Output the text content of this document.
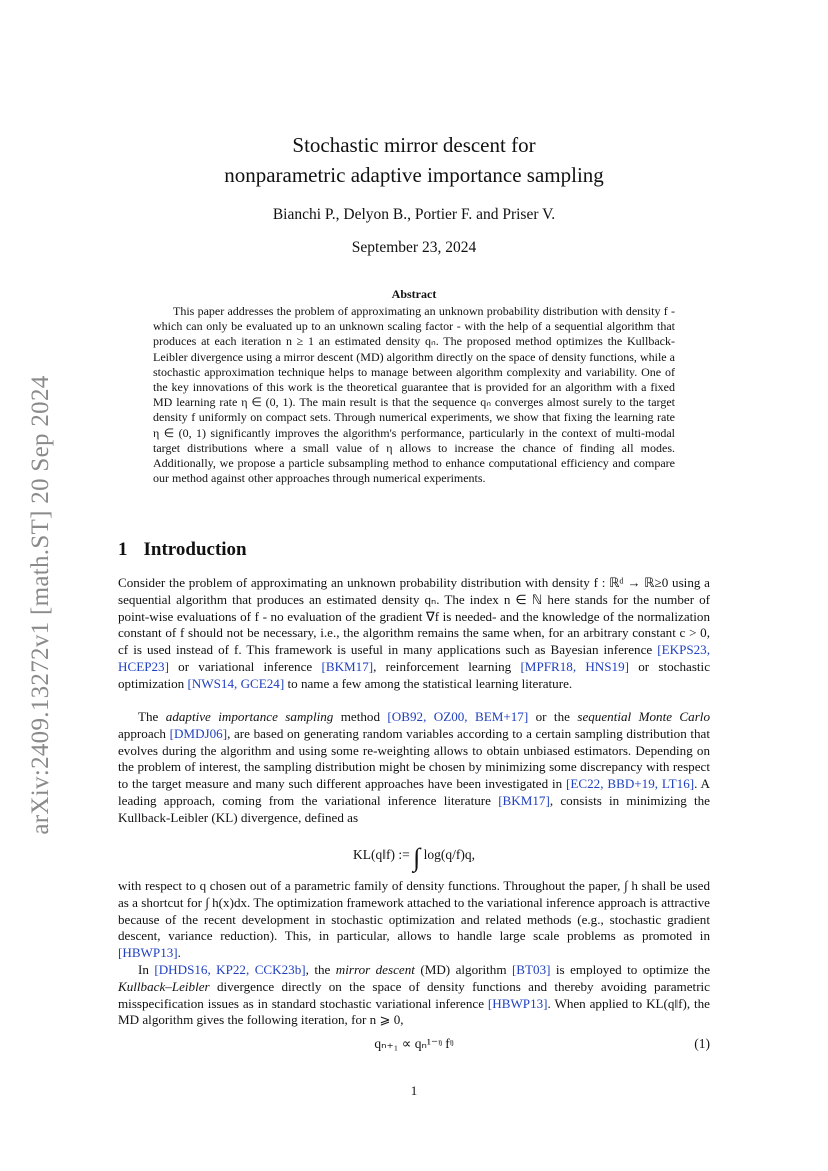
arXiv:2409.13272v1 [math.ST] 20 Sep 2024
Stochastic mirror descent for
nonparametric adaptive importance sampling
Bianchi P., Delyon B., Portier F. and Priser V.
September 23, 2024
Abstract

This paper addresses the problem of approximating an unknown probability distribution with density f - which can only be evaluated up to an unknown scaling factor - with the help of a sequential algorithm that produces at each iteration n ≥ 1 an estimated density qₙ. The proposed method optimizes the Kullback-Leibler divergence using a mirror descent (MD) algorithm directly on the space of density functions, while a stochastic approximation technique helps to manage between algorithm complexity and variability. One of the key innovations of this work is the theoretical guarantee that is provided for an algorithm with a fixed MD learning rate η ∈ (0, 1). The main result is that the sequence qₙ converges almost surely to the target density f uniformly on compact sets. Through numerical experiments, we show that fixing the learning rate η ∈ (0, 1) significantly improves the algorithm's performance, particularly in the context of multi-modal target distributions where a small value of η allows to increase the chance of finding all modes. Additionally, we propose a particle subsampling method to enhance computational efficiency and compare our method against other approaches through numerical experiments.

1 Introduction

Consider the problem of approximating an unknown probability distribution with density f : ℝᵈ → ℝ≥0 using a sequential algorithm that produces an estimated density qₙ. The index n ∈ ℕ here stands for the number of point-wise evaluations of f - no evaluation of the gradient ∇f is needed- and the knowledge of the normalization constant of f should not be necessary, i.e., the algorithm remains the same when, for an arbitrary constant c > 0, cf is used instead of f. This framework is useful in many applications such as Bayesian inference [EKPS23, HCEP23] or variational inference [BKM17], reinforcement learning [MPFR18, HNS19] or stochastic optimization [NWS14, GCE24] to name a few among the statistical learning literature.

The adaptive importance sampling method [OB92, OZ00, BEM+17] or the sequential Monte Carlo approach [DMDJ06], are based on generating random variables according to a certain sampling distribution that evolves during the algorithm and using some re-weighting allows to obtain unbiased estimators. Depending on the problem of interest, the sampling distribution might be chosen by minimizing some discrepancy with respect to the target measure and many such different approaches have been investigated in [EC22, BBD+19, LT16]. A leading approach, coming from the variational inference literature [BKM17], consists in minimizing the Kullback-Leibler (KL) divergence, defined as

KL(q‖f) := ∫ log(q/f)q,

with respect to q chosen out of a parametric family of density functions. Throughout the paper, ∫ h shall be used as a shortcut for ∫ h(x)dx. The optimization framework attached to the variational inference approach is attractive because of the recent development in stochastic optimization and related methods (e.g., stochastic gradient descent, variance reduction). This, in particular, allows to handle large scale problems as promoted in [HBWP13].

In [DHDS16, KP22, CCK23b], the mirror descent (MD) algorithm [BT03] is employed to optimize the Kullback–Leibler divergence directly on the space of density functions and thereby avoiding parametric misspecification issues as in standard stochastic variational inference [HBWP13]. When applied to KL(q‖f), the MD algorithm gives the following iteration, for n ⩾ 0,

qₙ₊₁ ∝ qₙ¹⁻ᵑ fᵑ	(1)
1
